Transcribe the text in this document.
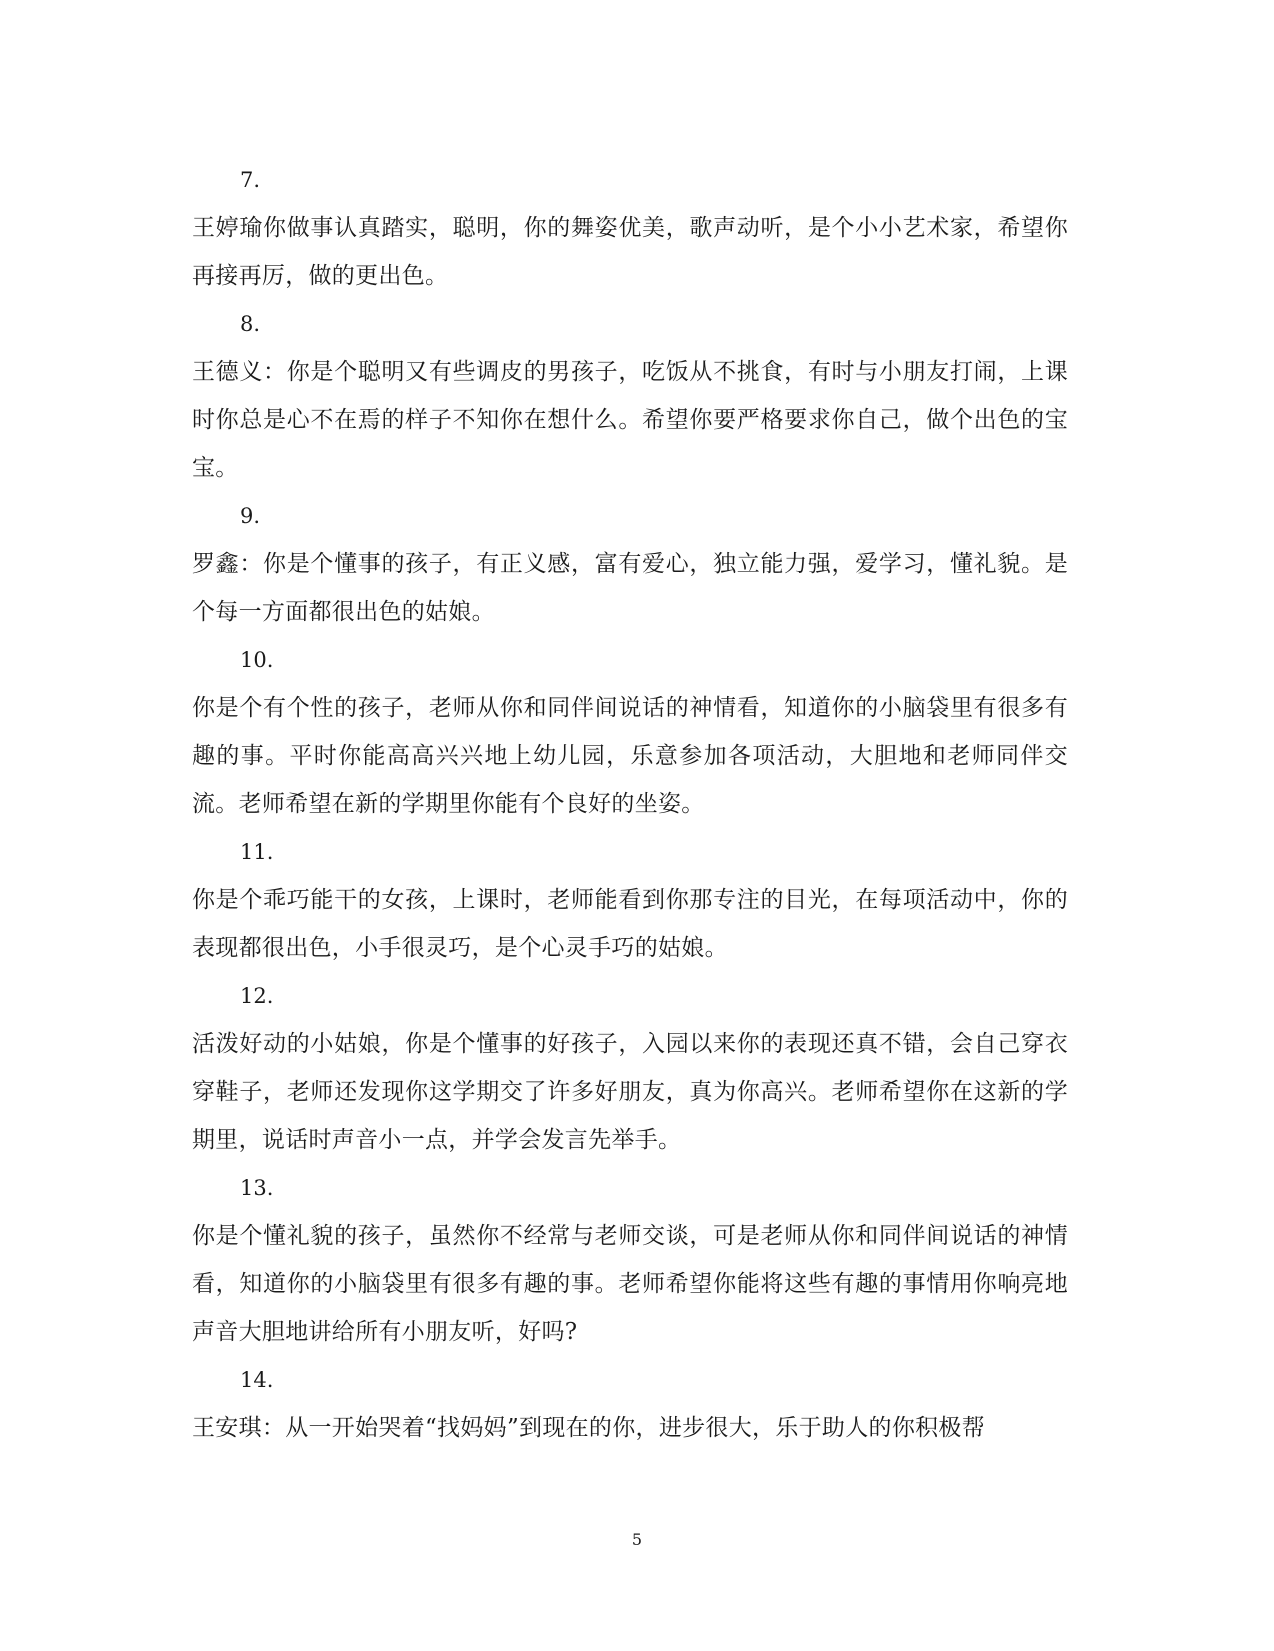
7.

王婷瑜你做事认真踏实，聪明，你的舞姿优美，歌声动听，是个小小艺术家，希望你再接再厉，做的更出色。

8.

王德义：你是个聪明又有些调皮的男孩子，吃饭从不挑食，有时与小朋友打闹，上课时你总是心不在焉的样子不知你在想什么。希望你要严格要求你自己，做个出色的宝宝。

9.

罗鑫：你是个懂事的孩子，有正义感，富有爱心，独立能力强，爱学习，懂礼貌。是个每一方面都很出色的姑娘。

10.

你是个有个性的孩子，老师从你和同伴间说话的神情看，知道你的小脑袋里有很多有趣的事。平时你能高高兴兴地上幼儿园，乐意参加各项活动，大胆地和老师同伴交流。老师希望在新的学期里你能有个良好的坐姿。

11.

你是个乖巧能干的女孩，上课时，老师能看到你那专注的目光，在每项活动中，你的表现都很出色，小手很灵巧，是个心灵手巧的姑娘。

12.

活泼好动的小姑娘，你是个懂事的好孩子，入园以来你的表现还真不错，会自己穿衣穿鞋子，老师还发现你这学期交了许多好朋友，真为你高兴。老师希望你在这新的学期里，说话时声音小一点，并学会发言先举手。

13.

你是个懂礼貌的孩子，虽然你不经常与老师交谈，可是老师从你和同伴间说话的神情看，知道你的小脑袋里有很多有趣的事。老师希望你能将这些有趣的事情用你响亮地声音大胆地讲给所有小朋友听，好吗?

14.

王安琪：从一开始哭着“找妈妈”到现在的你，进步很大，乐于助人的你积极帮

5
